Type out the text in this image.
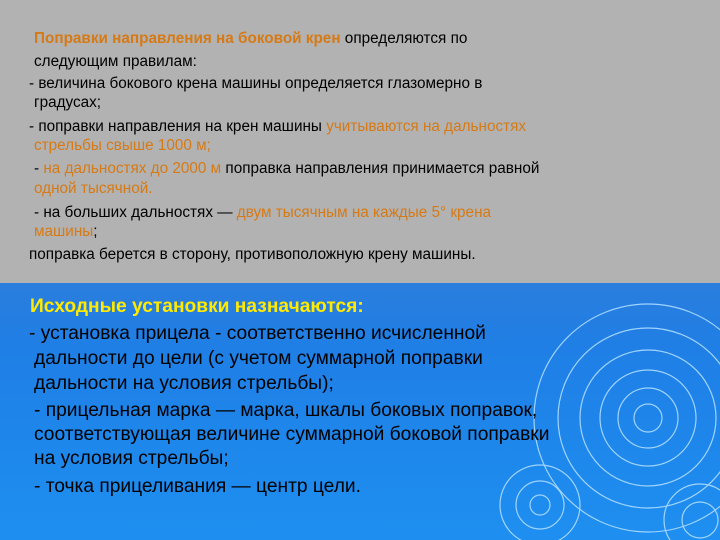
Поправки направления на боковой крен определяются по

следующим правилам:

- величина бокового крена машины определяется глазомерно в

градусах;

- поправки направления на крен машины учитываются на дальностях

стрельбы свыше 1000 м;

- на дальностях до 2000 м поправка направления принимается равной

одной тысячной.

- на больших дальностях — двум тысячным на каждые 5° крена

машины;

поправка берется в сторону, противоположную крену машины.

Исходные установки назначаются:

- установка прицела - соответственно исчисленной

дальности до цели (с учетом суммарной поправки

дальности на условия стрельбы);

- прицельная марка — марка, шкалы боковых поправок,

соответствующая величине суммарной боковой поправки

на условия стрельбы;

- точка прицеливания — центр цели.
